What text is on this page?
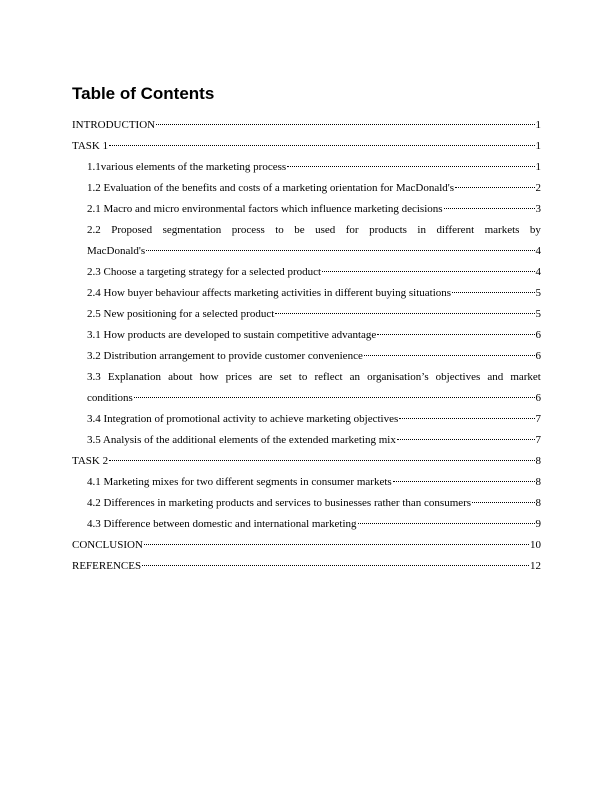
Table of Contents
INTRODUCTION	1
TASK 1	1
1.1various elements of the marketing process	1
1.2 Evaluation of the benefits and costs of a marketing orientation for MacDonald's	2
2.1 Macro and micro environmental factors which influence marketing decisions	3
2.2 Proposed segmentation process to be used for products in different markets by
MacDonald's	4
2.3 Choose a targeting strategy for a selected product	4
2.4 How buyer behaviour affects marketing activities in different buying situations	5
2.5 New positioning for a selected product	5
3.1 How products are developed to sustain competitive advantage	6
3.2 Distribution arrangement to provide customer convenience	6
3.3 Explanation about how prices are set to reflect an organisation’s objectives and market
conditions	6
3.4 Integration of promotional activity to achieve marketing objectives	7
3.5 Analysis of the additional elements of the extended marketing mix	7
TASK 2	8
4.1 Marketing mixes for two different segments in consumer markets	8
4.2 Differences in marketing products and services to businesses rather than consumers	8
4.3 Difference between domestic and international marketing	9
CONCLUSION	10
REFERENCES	12
